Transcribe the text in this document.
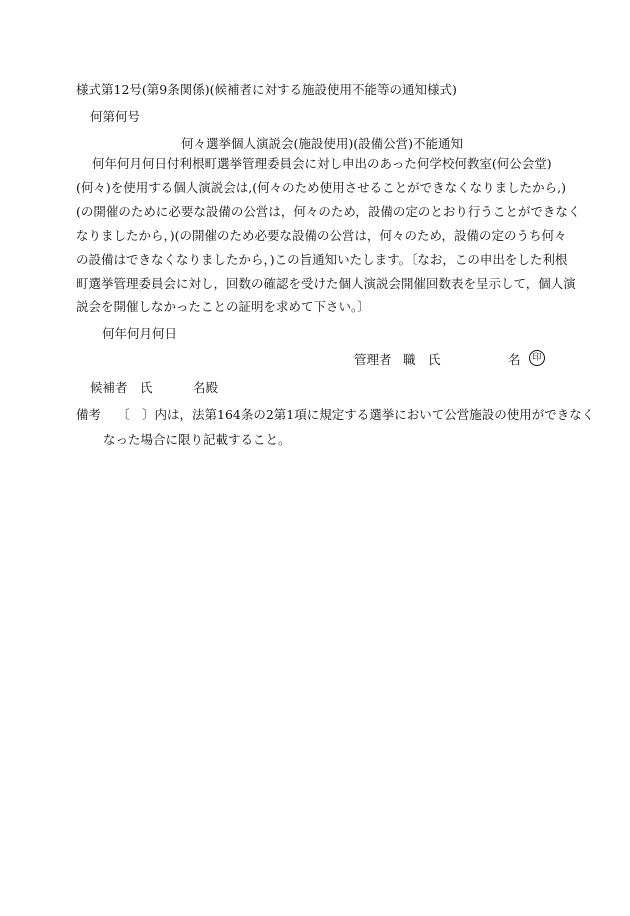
様式第12号(第9条関係)(候補者に対する施設使用不能等の通知様式)
何第何号
何々選挙個人演説会(施設使用)(設備公営)不能通知
何年何月何日付利根町選挙管理委員会に対し申出のあった何学校何教室(何公会堂)
(何々)を使用する個人演説会は,(何々のため使用させることができなくなりましたから,)
(の開催のために必要な設備の公営は，何々のため，設備の定のとおり行うことができなく
なりましたから，)(の開催のため必要な設備の公営は，何々のため，設備の定のうち何々
の設備はできなくなりましたから，)この旨通知いたします。〔なお，この申出をした利根
町選挙管理委員会に対し，回数の確認を受けた個人演説会開催回数表を呈示して，個人演
説会を開催しなかったことの証明を求めて下さい。〕
何年何月何日
管理者 職　氏	名	印
候補者　氏	名殿
備考 〔　〕内は，法第164条の2第1項に規定する選挙において公営施設の使用ができなく
なった場合に限り記載すること。
